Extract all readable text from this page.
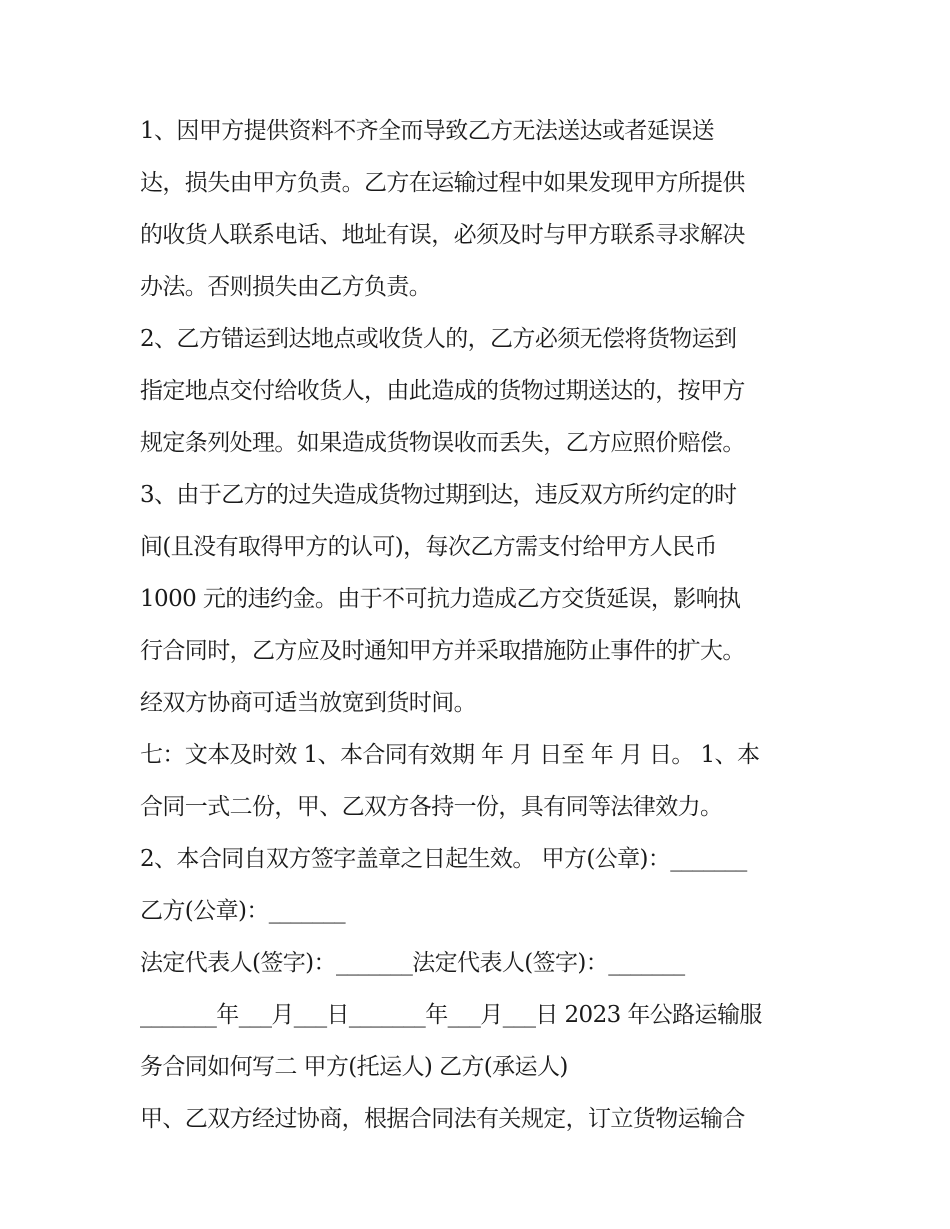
1、因甲方提供资料不齐全而导致乙方无法送达或者延误送
达，损失由甲方负责。乙方在运输过程中如果发现甲方所提供
的收货人联系电话、地址有误，必须及时与甲方联系寻求解决
办法。否则损失由乙方负责。
2、乙方错运到达地点或收货人的，乙方必须无偿将货物运到
指定地点交付给收货人，由此造成的货物过期送达的，按甲方
规定条列处理。如果造成货物误收而丢失，乙方应照价赔偿。
3、由于乙方的过失造成货物过期到达，违反双方所约定的时
间(且没有取得甲方的认可)，每次乙方需支付给甲方人民币
1000 元的违约金。由于不可抗力造成乙方交货延误，影响执
行合同时，乙方应及时通知甲方并采取措施防止事件的扩大。
经双方协商可适当放宽到货时间。
七：文本及时效 1、本合同有效期 年 月 日至 年 月 日。 1、本
合同一式二份，甲、乙双方各持一份，具有同等法律效力。
2、本合同自双方签字盖章之日起生效。 甲方(公章)：_______
乙方(公章)：_______
法定代表人(签字)：_______法定代表人(签字)：_______
_______年___月___日_______年___月___日 2023 年公路运输服
务合同如何写二 甲方(托运人) 乙方(承运人)
甲、乙双方经过协商，根据合同法有关规定，订立货物运输合
